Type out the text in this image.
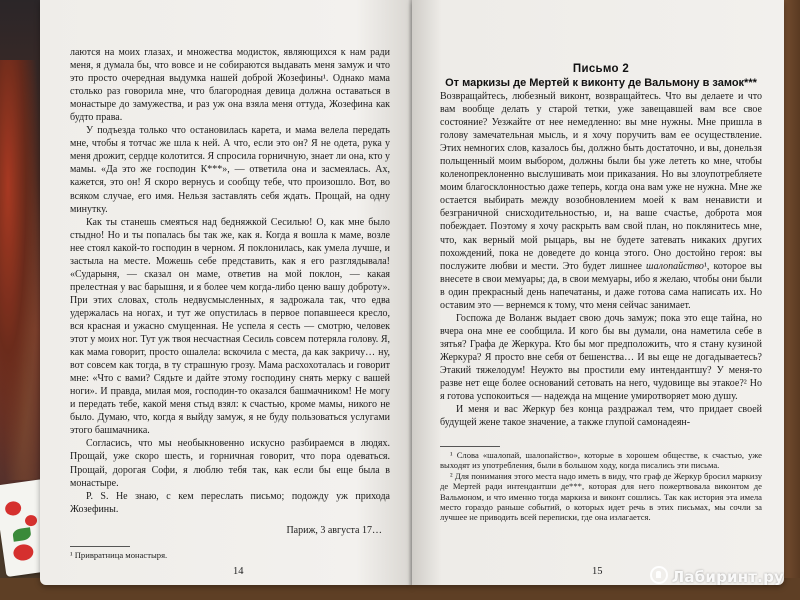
лаются на моих глазах, и множества модисток, являющихся к нам ради меня, я думала бы, что вовсе и не собираются выдавать меня замуж и что это просто очередная выдумка нашей доброй Жозефины¹. Однако мама столько раз говорила мне, что благородная девица должна оставаться в монастыре до замужества, и раз уж она взяла меня оттуда, Жозефина как будто права.

У подъезда только что остановилась карета, и мама велела передать мне, чтобы я тотчас же шла к ней. А что, если это он? Я не одета, рука у меня дрожит, сердце колотится. Я спросила горничную, знает ли она, кто у мамы. «Да это же господин К***», — ответила она и засмеялась. Ах, кажется, это он! Я скоро вернусь и сообщу тебе, что произошло. Вот, во всяком случае, его имя. Нельзя заставлять себя ждать. Прощай, на одну минутку.

Как ты станешь смеяться над бедняжкой Сесилью! О, как мне было стыдно! Но и ты попалась бы так же, как я. Когда я вошла к маме, возле нее стоял какой-то господин в черном. Я поклонилась, как умела лучше, и застыла на месте. Можешь себе представить, как я его разглядывала! «Сударыня, — сказал он маме, ответив на мой поклон, — какая прелестная у вас барышня, и я более чем когда-либо ценю вашу доброту». При этих словах, столь недвусмысленных, я задрожала так, что едва удержалась на ногах, и тут же опустилась в первое попавшееся кресло, вся красная и ужасно смущенная. Не успела я сесть — смотрю, человек этот у моих ног. Тут уж твоя несчастная Сесиль совсем потеряла голову. Я, как мама говорит, просто ошалела: вскочила с места, да как закричу… ну, вот совсем как тогда, в ту страшную грозу. Мама расхохоталась и говорит мне: «Что с вами? Сядьте и дайте этому господину снять мерку с вашей ноги». И правда, милая моя, господин-то оказался башмачником! Не могу и передать тебе, какой меня стыд взял: к счастью, кроме мамы, никого не было. Думаю, что, когда я выйду замуж, я не буду пользоваться услугами этого башмачника.

Согласись, что мы необыкновенно искусно разбираемся в людях. Прощай, уже скоро шесть, и горничная говорит, что пора одеваться. Прощай, дорогая Софи, я люблю тебя так, как если бы еще была в монастыре.

P. S. Не знаю, с кем переслать письмо; подожду уж прихода Жозефины.

Париж, 3 августа 17…
¹ Привратница монастыря.
14
Письмо 2
От маркизы де Мертей к виконту де Вальмону в замок***

Возвращайтесь, любезный виконт, возвращайтесь. Что вы делаете и что вам вообще делать у старой тетки, уже завещавшей вам все свое состояние? Уезжайте от нее немедленно: вы мне нужны. Мне пришла в голову замечательная мысль, и я хочу поручить вам ее осуществление. Этих немногих слов, казалось бы, должно быть достаточно, и вы, донельзя польщенный моим выбором, должны были бы уже лететь ко мне, чтобы коленопреклоненно выслушивать мои приказания. Но вы злоупотребляете моим благосклонностью даже теперь, когда она вам уже не нужна. Мне же остается выбирать между возобновлением моей к вам ненависти и безграничной снисходительностью, и, на ваше счастье, доброта моя побеждает. Поэтому я хочу раскрыть вам свой план, но поклянитесь мне, что, как верный мой рыцарь, вы не будете затевать никаких других похождений, пока не доведете до конца этого. Оно достойно героя: вы послужите любви и мести. Это будет лишнее шалопайство¹, которое вы внесете в свои мемуары; да, в свои мемуары, ибо я желаю, чтобы они были в один прекрасный день напечатаны, и даже готова сама написать их. Но оставим это — вернемся к тому, что меня сейчас занимает.

Госпожа де Воланж выдает свою дочь замуж; пока это еще тайна, но вчера она мне ее сообщила. И кого бы вы думали, она наметила себе в зятья? Графа де Жеркура. Кто бы мог предположить, что я стану кузиной Жеркура? Я просто вне себя от бешенства… И вы еще не догадываетесь? Этакий тяжелодум! Неужто вы простили ему интендантшу? У меня-то разве нет еще более оснований сетовать на него, чудовище вы этакое?² Но я готова успокоиться — надежда на мщение умиротворяет мою душу.

И меня и вас Жеркур без конца раздражал тем, что придает своей будущей жене такое значение, а также глупой самонадеян-

¹ Слова «шалопай, шалопайство», которые в хорошем обществе, к счастью, уже выходят из употребления, были в большом ходу, когда писались эти письма.

² Для понимания этого места надо иметь в виду, что граф де Жеркур бросил маркизу де Мертей ради интендантши де***, которая для него пожертвовала виконтом де Вальмоном, и что именно тогда маркиза и виконт сошлись. Так как история эта имела место гораздо раньше событий, о которых идет речь в этих письмах, мы сочли за лучшее не приводить всей переписки, где она излагается.

15	Лабиринт.ру
